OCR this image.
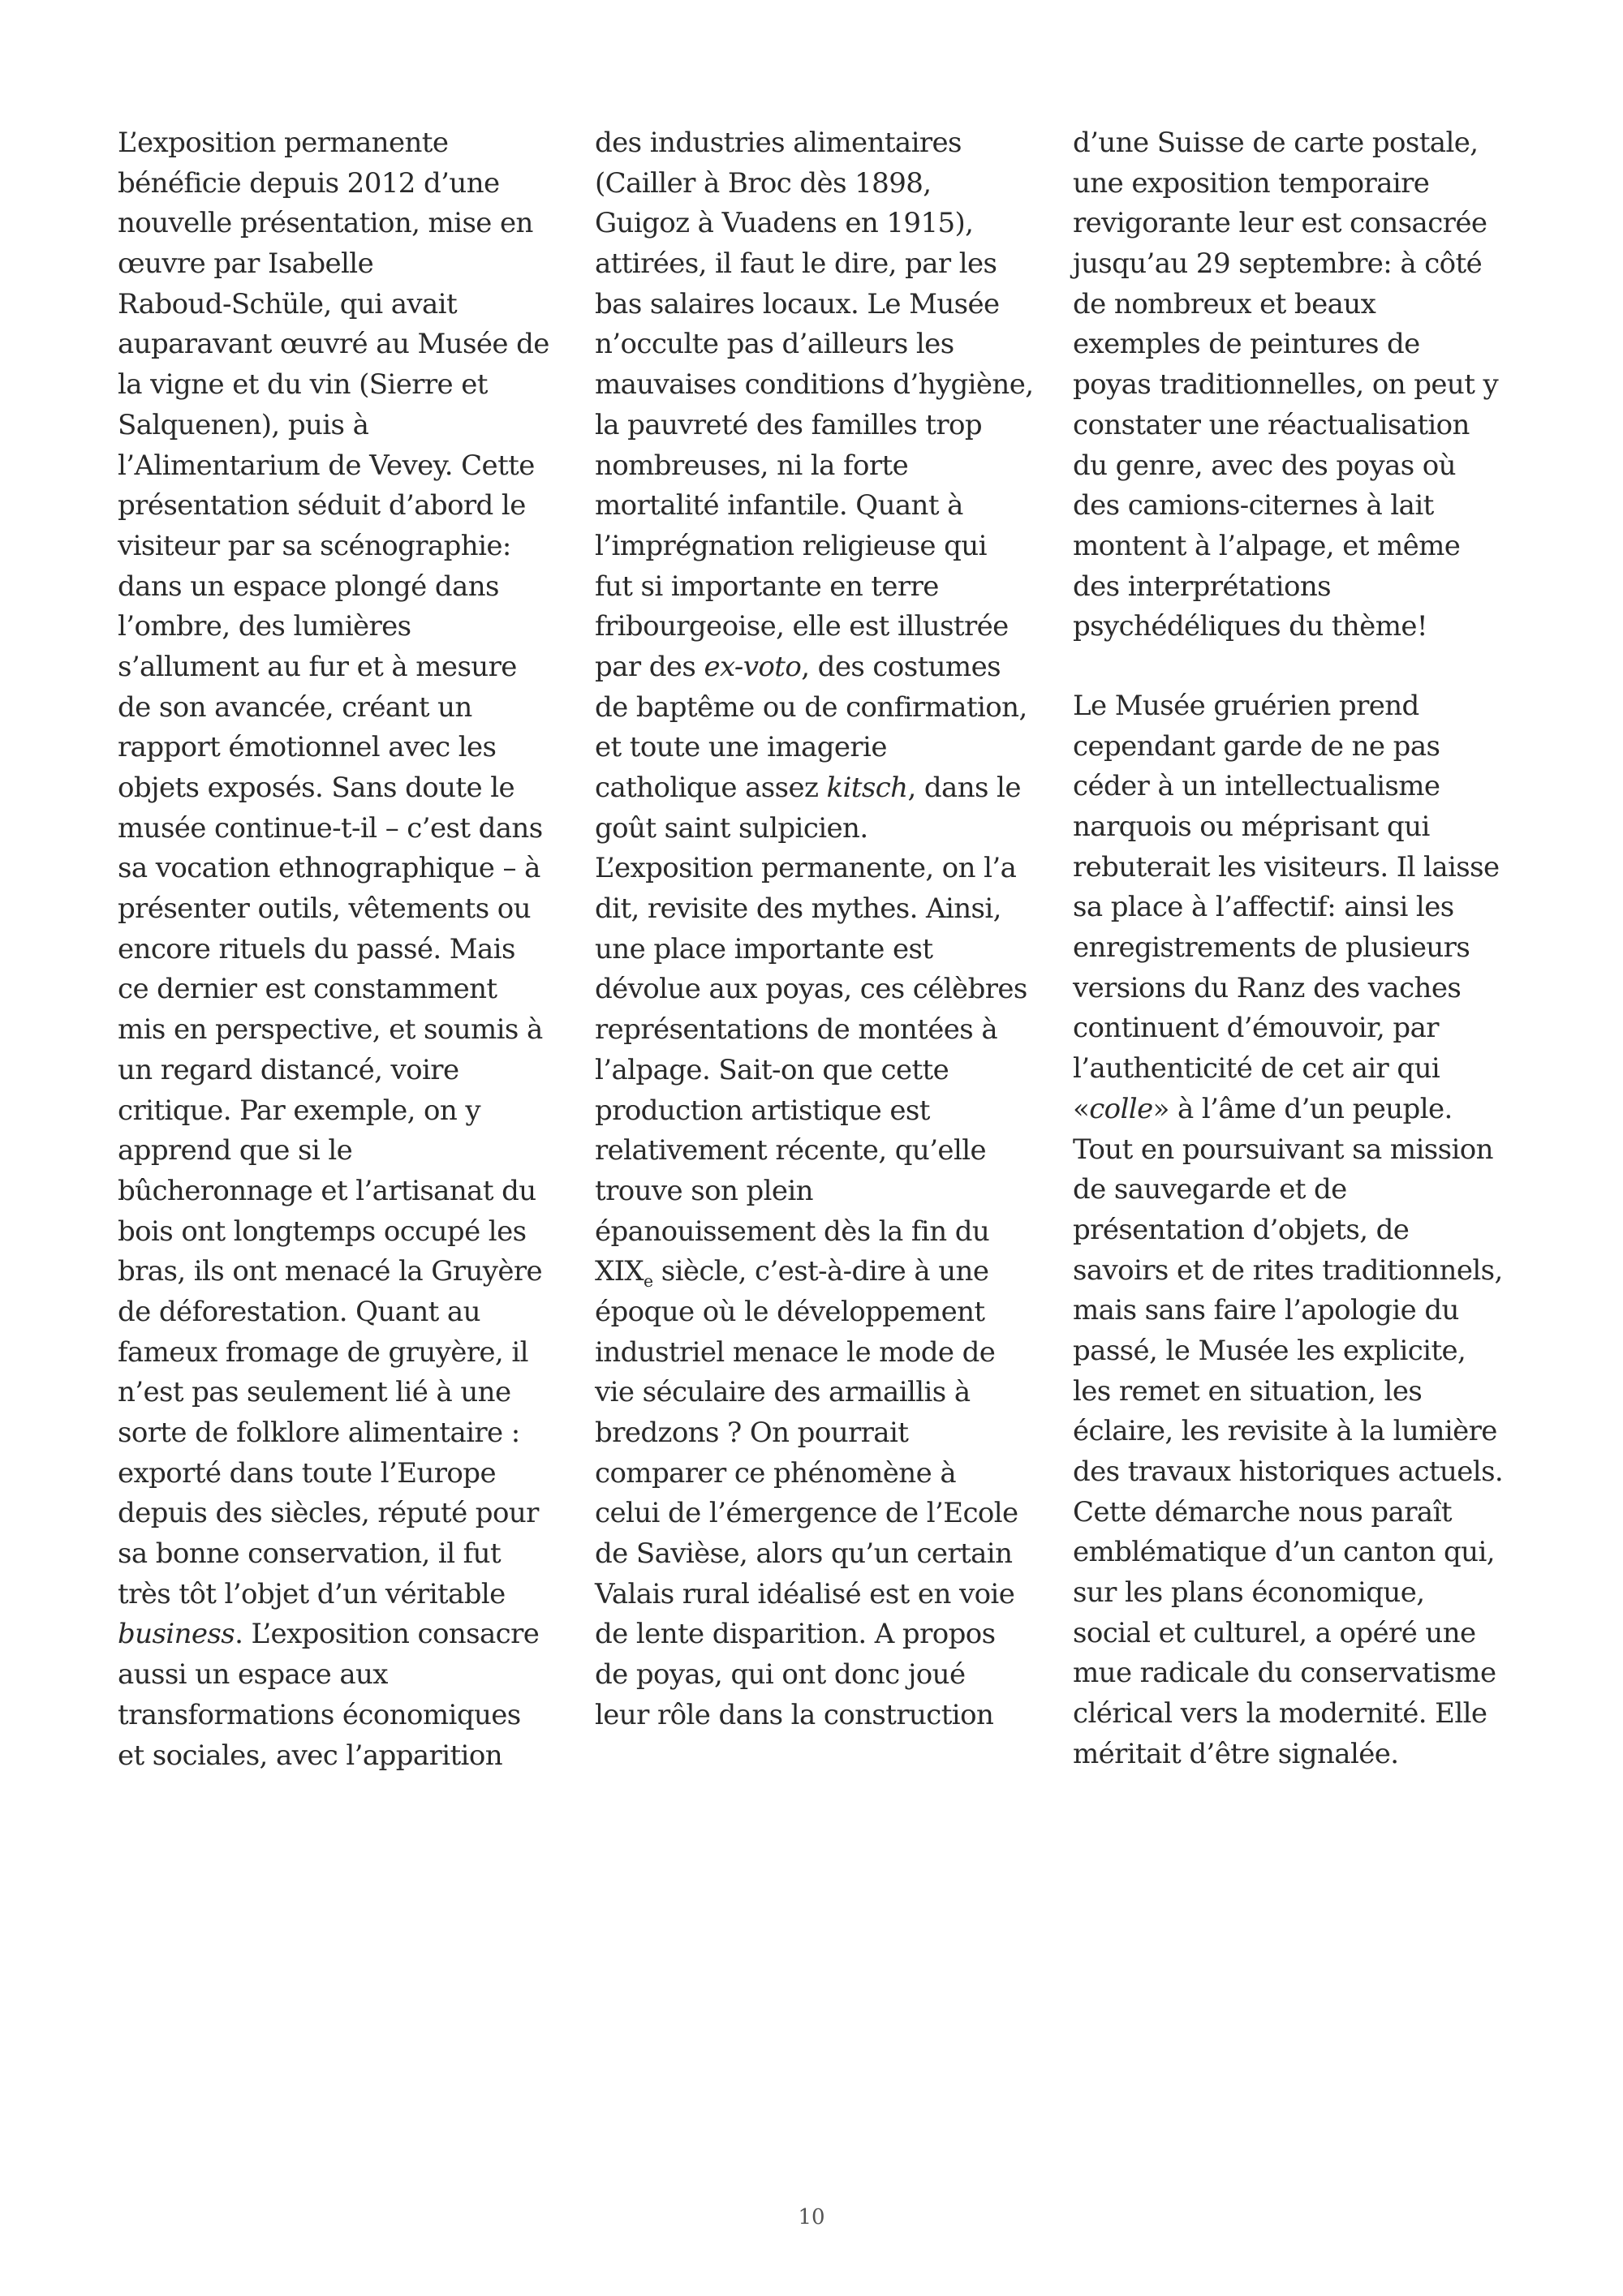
L’exposition permanente
bénéficie depuis 2012 d’une
nouvelle présentation, mise en
œuvre par Isabelle
Raboud-Schüle, qui avait
auparavant œuvré au Musée de
la vigne et du vin (Sierre et
Salquenen), puis à
l’Alimentarium de Vevey. Cette
présentation séduit d’abord le
visiteur par sa scénographie:
dans un espace plongé dans
l’ombre, des lumières
s’allument au fur et à mesure
de son avancée, créant un
rapport émotionnel avec les
objets exposés. Sans doute le
musée continue-t-il – c’est dans
sa vocation ethnographique – à
présenter outils, vêtements ou
encore rituels du passé. Mais
ce dernier est constamment
mis en perspective, et soumis à
un regard distancé, voire
critique. Par exemple, on y
apprend que si le
bûcheronnage et l’artisanat du
bois ont longtemps occupé les
bras, ils ont menacé la Gruyère
de déforestation. Quant au
fameux fromage de gruyère, il
n’est pas seulement lié à une
sorte de folklore alimentaire :
exporté dans toute l’Europe
depuis des siècles, réputé pour
sa bonne conservation, il fut
très tôt l’objet d’un véritable
business. L’exposition consacre
aussi un espace aux
transformations économiques
et sociales, avec l’apparition
des industries alimentaires
(Cailler à Broc dès 1898,
Guigoz à Vuadens en 1915),
attirées, il faut le dire, par les
bas salaires locaux. Le Musée
n’occulte pas d’ailleurs les
mauvaises conditions d’hygiène,
la pauvreté des familles trop
nombreuses, ni la forte
mortalité infantile. Quant à
l’imprégnation religieuse qui
fut si importante en terre
fribourgeoise, elle est illustrée
par des ex-voto, des costumes
de baptême ou de confirmation,
et toute une imagerie
catholique assez kitsch, dans le
goût saint sulpicien.
L’exposition permanente, on l’a
dit, revisite des mythes. Ainsi,
une place importante est
dévolue aux poyas, ces célèbres
représentations de montées à
l’alpage. Sait-on que cette
production artistique est
relativement récente, qu’elle
trouve son plein
épanouissement dès la fin du
$XIX_e$ siècle, c’est-à-dire à une
époque où le développement
industriel menace le mode de
vie séculaire des armaillis à
bredzons ? On pourrait
comparer ce phénomène à
celui de l’émergence de l’Ecole
de Savièse, alors qu’un certain
Valais rural idéalisé est en voie
de lente disparition. A propos
de poyas, qui ont donc joué
leur rôle dans la construction
d’une Suisse de carte postale,
une exposition temporaire
revigorante leur est consacrée
jusqu’au 29 septembre: à côté
de nombreux et beaux
exemples de peintures de
poyas traditionnelles, on peut y
constater une réactualisation
du genre, avec des poyas où
des camions-citernes à lait
montent à l’alpage, et même
des interprétations
psychédéliques du thème!
Le Musée gruérien prend
cependant garde de ne pas
céder à un intellectualisme
narquois ou méprisant qui
rebuterait les visiteurs. Il laisse
sa place à l’affectif: ainsi les
enregistrements de plusieurs
versions du Ranz des vaches
continuent d’émouvoir, par
l’authenticité de cet air qui
«colle» à l’âme d’un peuple.
Tout en poursuivant sa mission
de sauvegarde et de
présentation d’objets, de
savoirs et de rites traditionnels,
mais sans faire l’apologie du
passé, le Musée les explicite,
les remet en situation, les
éclaire, les revisite à la lumière
des travaux historiques actuels.
Cette démarche nous paraît
emblématique d’un canton qui,
sur les plans économique,
social et culturel, a opéré une
mue radicale du conservatisme
clérical vers la modernité. Elle
méritait d’être signalée.
10
